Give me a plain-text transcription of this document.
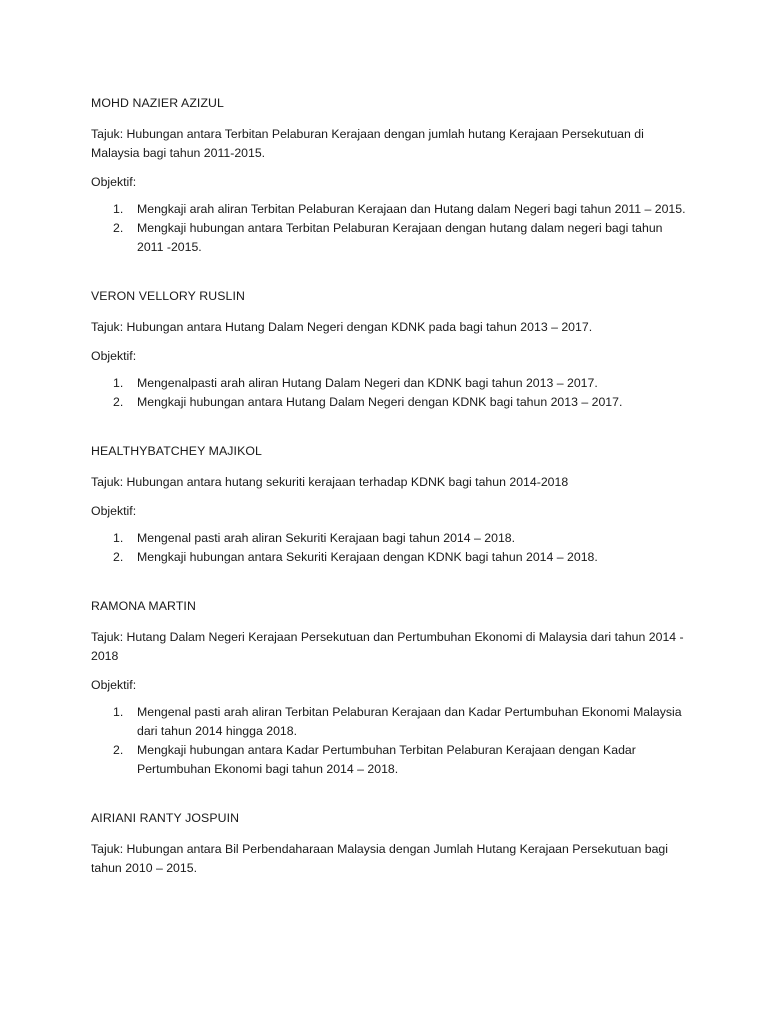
MOHD NAZIER AZIZUL
Tajuk: Hubungan antara Terbitan Pelaburan Kerajaan dengan jumlah hutang Kerajaan Persekutuan di Malaysia bagi tahun 2011-2015.
Objektif:
1. Mengkaji arah aliran Terbitan Pelaburan Kerajaan dan Hutang dalam Negeri bagi tahun 2011 – 2015.
2. Mengkaji hubungan antara Terbitan Pelaburan Kerajaan dengan hutang dalam negeri bagi tahun 2011 -2015.
VERON VELLORY RUSLIN
Tajuk: Hubungan antara Hutang Dalam Negeri dengan KDNK pada bagi tahun 2013 – 2017.
Objektif:
1. Mengenalpasti arah aliran Hutang Dalam Negeri dan KDNK bagi tahun 2013 – 2017.
2. Mengkaji hubungan antara Hutang Dalam Negeri dengan KDNK bagi tahun 2013 – 2017.
HEALTHYBATCHEY MAJIKOL
Tajuk: Hubungan antara hutang sekuriti kerajaan terhadap KDNK bagi tahun 2014-2018
Objektif:
1. Mengenal pasti arah aliran Sekuriti Kerajaan bagi tahun 2014 – 2018.
2. Mengkaji hubungan antara Sekuriti Kerajaan dengan KDNK bagi tahun 2014 – 2018.
RAMONA MARTIN
Tajuk: Hutang Dalam Negeri Kerajaan Persekutuan dan Pertumbuhan Ekonomi di Malaysia dari tahun 2014 - 2018
Objektif:
1. Mengenal pasti arah aliran Terbitan Pelaburan Kerajaan dan Kadar Pertumbuhan Ekonomi Malaysia dari tahun 2014 hingga 2018.
2. Mengkaji hubungan antara Kadar Pertumbuhan Terbitan Pelaburan Kerajaan dengan Kadar Pertumbuhan Ekonomi bagi tahun 2014 – 2018.
AIRIANI RANTY JOSPUIN
Tajuk: Hubungan antara Bil Perbendaharaan Malaysia dengan Jumlah Hutang Kerajaan Persekutuan bagi tahun 2010 – 2015.
